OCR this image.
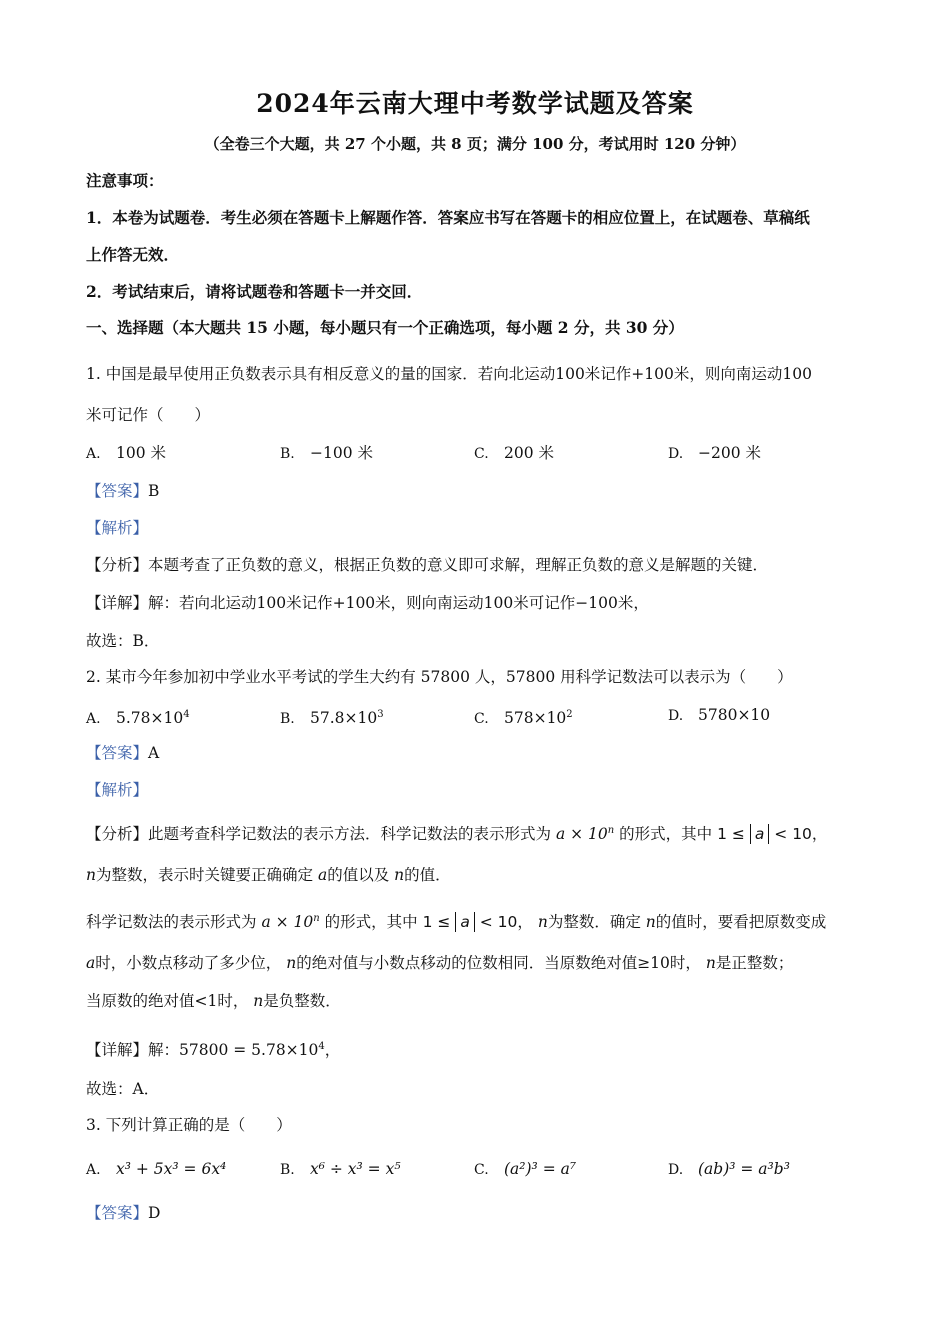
2024年云南大理中考数学试题及答案
（全卷三个大题，共 27 个小题，共 8 页；满分 100 分，考试用时 120 分钟）
注意事项：
1．本卷为试题卷．考生必须在答题卡上解题作答．答案应书写在答题卡的相应位置上，在试题卷、草稿纸
上作答无效．
2．考试结束后，请将试题卷和答题卡一并交回．
一、选择题（本大题共 15 小题，每小题只有一个正确选项，每小题 2 分，共 30 分）
1. 中国是最早使用正负数表示具有相反意义的量的国家．若向北运动100米记作+100米，则向南运动100
米可记作（　　）
A. 100 米	B. −100 米	C. 200 米	D. −200 米
【答案】B
【解析】
【分析】本题考查了正负数的意义，根据正负数的意义即可求解，理解正负数的意义是解题的关键．
【详解】解：若向北运动100米记作+100米，则向南运动100米可记作−100米，
故选：B．
2. 某市今年参加初中学业水平考试的学生大约有 57800 人，57800 用科学记数法可以表示为（　　）
A. $5.78\times 10^4$	B. $57.8\times 10^3$	C. $578\times 10^2$	D. 5780×10
【答案】A
【解析】
【分析】此题考查科学记数法的表示方法．科学记数法的表示形式为 $a \times 10^n$ 的形式，其中 1 ≤ a < 10，
n为整数，表示时关键要正确确定 a的值以及 n的值．
科学记数法的表示形式为 $a \times 10^n$ 的形式，其中 1 ≤ a < 10， n为整数．确定 n的值时，要看把原数变成
a时，小数点移动了多少位， n的绝对值与小数点移动的位数相同．当原数绝对值≥10时， n是正整数；
当原数的绝对值<1时， n是负整数．
【详解】解：$57800 = 5.78\times 10^4$，
故选：A．
3. 下列计算正确的是（　　）
A. x³ + 5x³ = 6x⁴	B. x⁶ ÷ x³ = x⁵	C. (a²)³ = a⁷	D. (ab)³ = a³b³
【答案】D
